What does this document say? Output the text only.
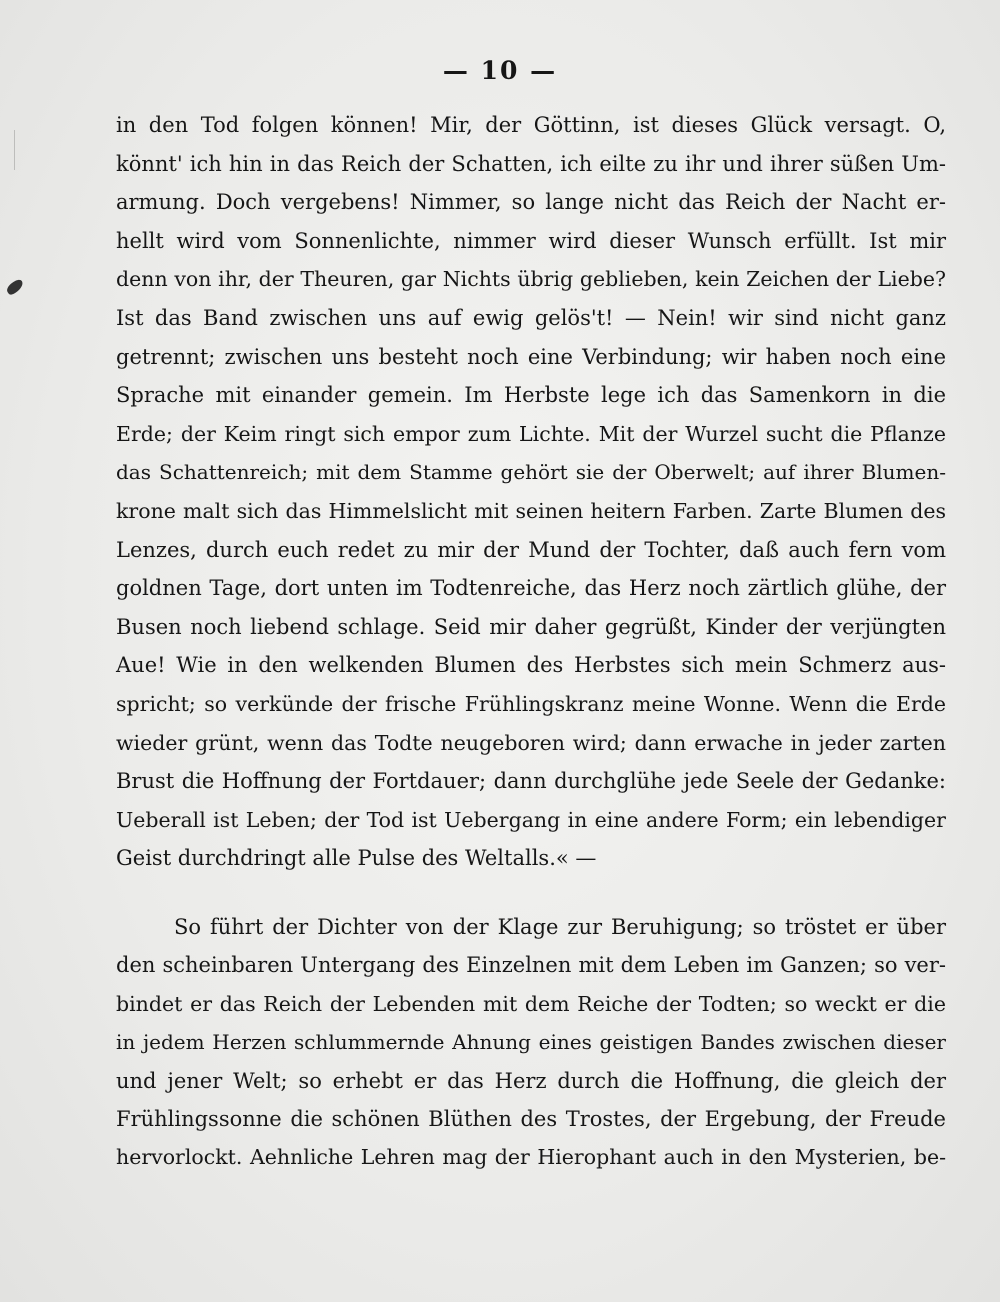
— 10 —
in den Tod folgen können! Mir, der Göttinn, ist dieses Glück versagt. O,
könnt' ich hin in das Reich der Schatten, ich eilte zu ihr und ihrer süßen Um-
armung. Doch vergebens! Nimmer, so lange nicht das Reich der Nacht er-
hellt wird vom Sonnenlichte, nimmer wird dieser Wunsch erfüllt. Ist mir
denn von ihr, der Theuren, gar Nichts übrig geblieben, kein Zeichen der Liebe?
Ist das Band zwischen uns auf ewig gelös't! — Nein! wir sind nicht ganz
getrennt; zwischen uns besteht noch eine Verbindung; wir haben noch eine
Sprache mit einander gemein. Im Herbste lege ich das Samenkorn in die
Erde; der Keim ringt sich empor zum Lichte. Mit der Wurzel sucht die Pflanze
das Schattenreich; mit dem Stamme gehört sie der Oberwelt; auf ihrer Blumen-
krone malt sich das Himmelslicht mit seinen heitern Farben. Zarte Blumen des
Lenzes, durch euch redet zu mir der Mund der Tochter, daß auch fern vom
goldnen Tage, dort unten im Todtenreiche, das Herz noch zärtlich glühe, der
Busen noch liebend schlage. Seid mir daher gegrüßt, Kinder der verjüngten
Aue! Wie in den welkenden Blumen des Herbstes sich mein Schmerz aus-
spricht; so verkünde der frische Frühlingskranz meine Wonne. Wenn die Erde
wieder grünt, wenn das Todte neugeboren wird; dann erwache in jeder zarten
Brust die Hoffnung der Fortdauer; dann durchglühe jede Seele der Gedanke:
Ueberall ist Leben; der Tod ist Uebergang in eine andere Form; ein lebendiger
Geist durchdringt alle Pulse des Weltalls.« —
So führt der Dichter von der Klage zur Beruhigung; so tröstet er über
den scheinbaren Untergang des Einzelnen mit dem Leben im Ganzen; so ver-
bindet er das Reich der Lebenden mit dem Reiche der Todten; so weckt er die
in jedem Herzen schlummernde Ahnung eines geistigen Bandes zwischen dieser
und jener Welt; so erhebt er das Herz durch die Hoffnung, die gleich der
Frühlingssonne die schönen Blüthen des Trostes, der Ergebung, der Freude
hervorlockt. Aehnliche Lehren mag der Hierophant auch in den Mysterien, be-
